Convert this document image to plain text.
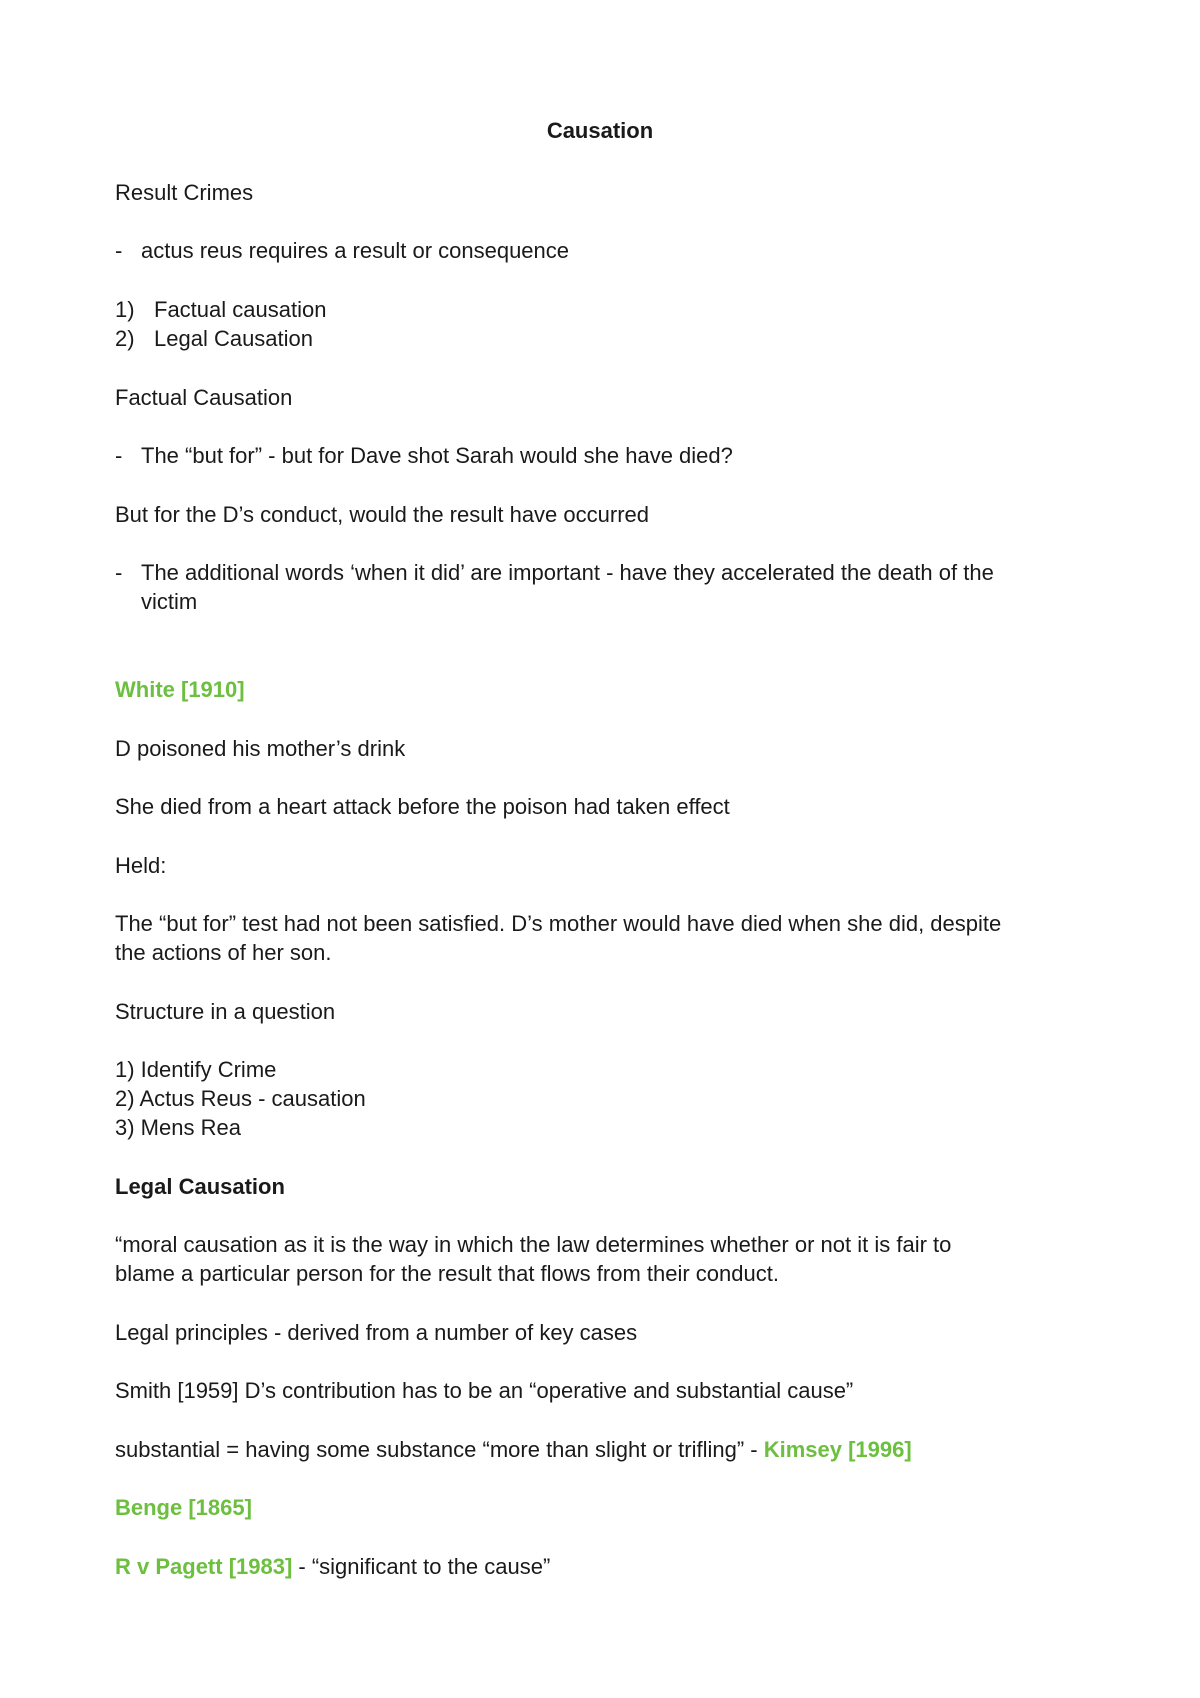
Causation
Result Crimes
- actus reus requires a result or consequence
1) Factual causation
2) Legal Causation
Factual Causation
- The “but for” - but for Dave shot Sarah would she have died?
But for the D’s conduct, would the result have occurred
- The additional words ‘when it did’ are important - have they accelerated the death of the
victim
White [1910]
D poisoned his mother’s drink
She died from a heart attack before the poison had taken effect
Held:
The “but for” test had not been satisfied. D’s mother would have died when she did, despite
the actions of her son.
Structure in a question
1) Identify Crime
2) Actus Reus - causation
3) Mens Rea
Legal Causation
“moral causation as it is the way in which the law determines whether or not it is fair to
blame a particular person for the result that flows from their conduct.
Legal principles - derived from a number of key cases
Smith [1959] D’s contribution has to be an “operative and substantial cause”
substantial = having some substance “more than slight or trifling” - Kimsey [1996]
Benge [1865]
R v Pagett [1983] - “significant to the cause”
